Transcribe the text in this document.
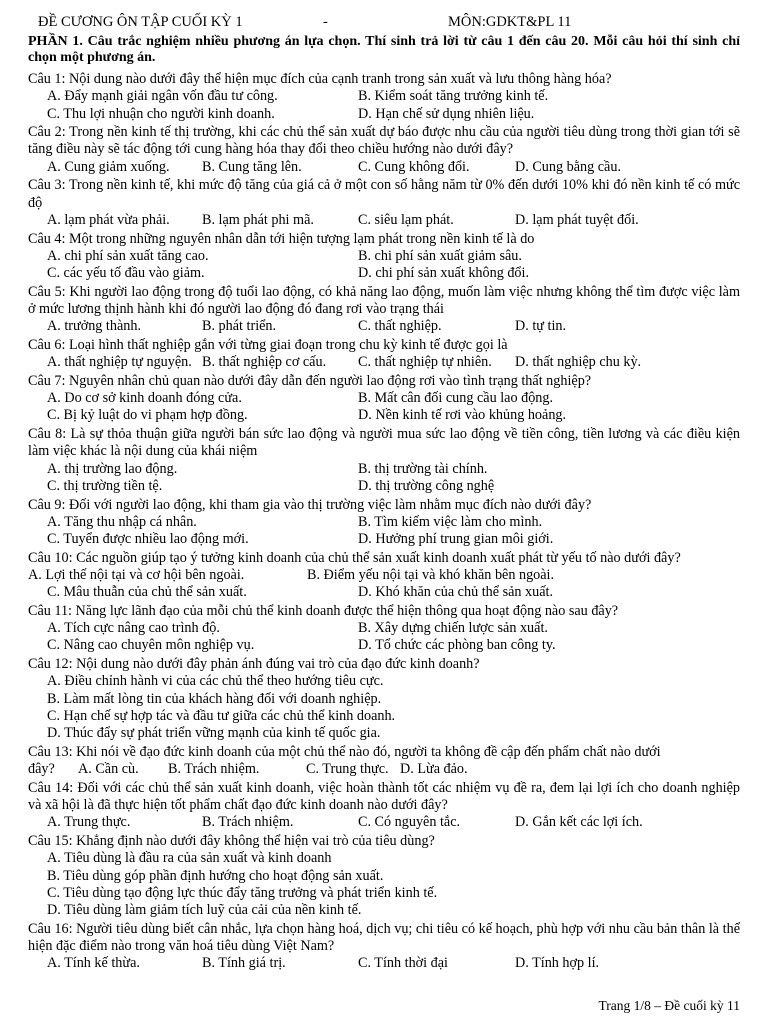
ĐỀ CƯƠNG ÔN TẬP CUỐI KỲ 1	-	MÔN:GDKT&PL 11
PHẦN 1. Câu trắc nghiệm nhiều phương án lựa chọn. Thí sinh trả lời từ câu 1 đến câu 20. Mỗi câu hỏi thí sinh chỉ chọn một phương án.
Câu 1: Nội dung nào dưới đây thể hiện mục đích của cạnh tranh trong sản xuất và lưu thông hàng hóa?
A. Đẩy mạnh giải ngân vốn đầu tư công.	B. Kiểm soát tăng trưởng kinh tế.
C. Thu lợi nhuận cho người kinh doanh.	D. Hạn chế sử dụng nhiên liệu.
Câu 2: Trong nền kinh tế thị trường, khi các chủ thể sản xuất dự báo được nhu cầu của người tiêu dùng trong thời gian tới sẽ tăng điều này sẽ tác động tới cung hàng hóa thay đổi theo chiều hướng nào dưới đây?
A. Cung giảm xuống. B. Cung tăng lên.	C. Cung không đổi.	D. Cung bằng cầu.
Câu 3: Trong nền kinh tế, khi mức độ tăng của giá cả ở một con số hằng năm từ 0% đến dưới 10% khi đó nền kinh tế có mức độ
A. lạm phát vừa phải. B. lạm phát phi mã.	C. siêu lạm phát.	D. lạm phát tuyệt đối.
Câu 4: Một trong những nguyên nhân dẫn tới hiện tượng lạm phát trong nền kinh tế là do
A. chi phí sản xuất tăng cao.	B. chi phí sản xuất giảm sâu.
C. các yếu tố đầu vào giảm.	D. chi phí sản xuất không đổi.
Câu 5: Khi người lao động trong độ tuổi lao động, có khả năng lao động, muốn làm việc nhưng không thể tìm được việc làm ở mức lương thịnh hành khi đó người lao động đó đang rơi vào trạng thái
A. trưởng thành.	B. phát triển.	C. thất nghiệp.	D. tự tin.
Câu 6: Loại hình thất nghiệp gắn với từng giai đoạn trong chu kỳ kinh tế được gọi là
A. thất nghiệp tự nguyện. B. thất nghiệp cơ cấu. C. thất nghiệp tự nhiên. D. thất nghiệp chu kỳ.
Câu 7: Nguyên nhân chủ quan nào dưới đây dẫn đến người lao động rơi vào tình trạng thất nghiệp?
A. Do cơ sở kinh doanh đóng cửa.	B. Mất cân đối cung cầu lao động.
C. Bị kỷ luật do vi phạm hợp đồng.	D. Nền kinh tế rơi vào khủng hoảng.
Câu 8: Là sự thỏa thuận giữa người bán sức lao động và người mua sức lao động về tiền công, tiền lương và các điều kiện làm việc khác là nội dung của khái niệm
A. thị trường lao động.	B. thị trường tài chính.
C. thị trường tiền tệ.	D. thị trường công nghệ
Câu 9: Đối với người lao động, khi tham gia vào thị trường việc làm nhằm mục đích nào dưới đây?
A. Tăng thu nhập cá nhân.	B. Tìm kiếm việc làm cho mình.
C. Tuyển được nhiều lao động mới.	D. Hưởng phí trung gian môi giới.
Câu 10: Các nguồn giúp tạo ý tưởng kinh doanh của chủ thể sản xuất kinh doanh xuất phát từ yếu tố nào dưới đây?
A. Lợi thế nội tại và cơ hội bên ngoài.	B. Điểm yếu nội tại và khó khăn bên ngoài.
C. Mâu thuẫn của chủ thể sản xuất.	D. Khó khăn của chủ thể sản xuất.
Câu 11: Năng lực lãnh đạo của mỗi chủ thể kinh doanh được thể hiện thông qua hoạt động nào sau đây?
A. Tích cực nâng cao trình độ.	B. Xây dựng chiến lược sản xuất.
C. Nâng cao chuyên môn nghiệp vụ.	D. Tổ chức các phòng ban công ty.
Câu 12: Nội dung nào dưới đây phản ánh đúng vai trò của đạo đức kinh doanh?
A. Điều chỉnh hành vi của các chủ thể theo hướng tiêu cực.
B. Làm mất lòng tin của khách hàng đối với doanh nghiệp.
C. Hạn chế sự hợp tác và đầu tư giữa các chủ thể kinh doanh.
D. Thúc đẩy sự phát triển vững mạnh của kinh tế quốc gia.
Câu 13: Khi nói về đạo đức kinh doanh của một chủ thể nào đó, người ta không đề cập đến phẩm chất nào dưới
đây? A. Cần cù. B. Trách nhiệm.	C. Trung thực. D. Lừa đảo.
Câu 14: Đối với các chủ thể sản xuất kinh doanh, việc hoàn thành tốt các nhiệm vụ đề ra, đem lại lợi ích cho doanh nghiệp và xã hội là đã thực hiện tốt phẩm chất đạo đức kinh doanh nào dưới đây?
A. Trung thực.	B. Trách nhiệm.	C. Có nguyên tắc.	D. Gắn kết các lợi ích.
Câu 15: Khẳng định nào dưới đây không thể hiện vai trò của tiêu dùng?
A. Tiêu dùng là đầu ra của sản xuất và kinh doanh
B. Tiêu dùng góp phần định hướng cho hoạt động sản xuất.
C. Tiêu dùng tạo động lực thúc đẩy tăng trưởng và phát triển kinh tế.
D. Tiêu dùng làm giảm tích luỹ của cải của nền kinh tế.
Câu 16: Người tiêu dùng biết cân nhắc, lựa chọn hàng hoá, dịch vụ; chi tiêu có kế hoạch, phù hợp với nhu cầu bản thân là thể hiện đặc điểm nào trong văn hoá tiêu dùng Việt Nam?
A. Tính kế thừa.	B. Tính giá trị.	C. Tính thời đại	D. Tính hợp lí.
Trang 1/8 – Đề cuối kỳ 11
